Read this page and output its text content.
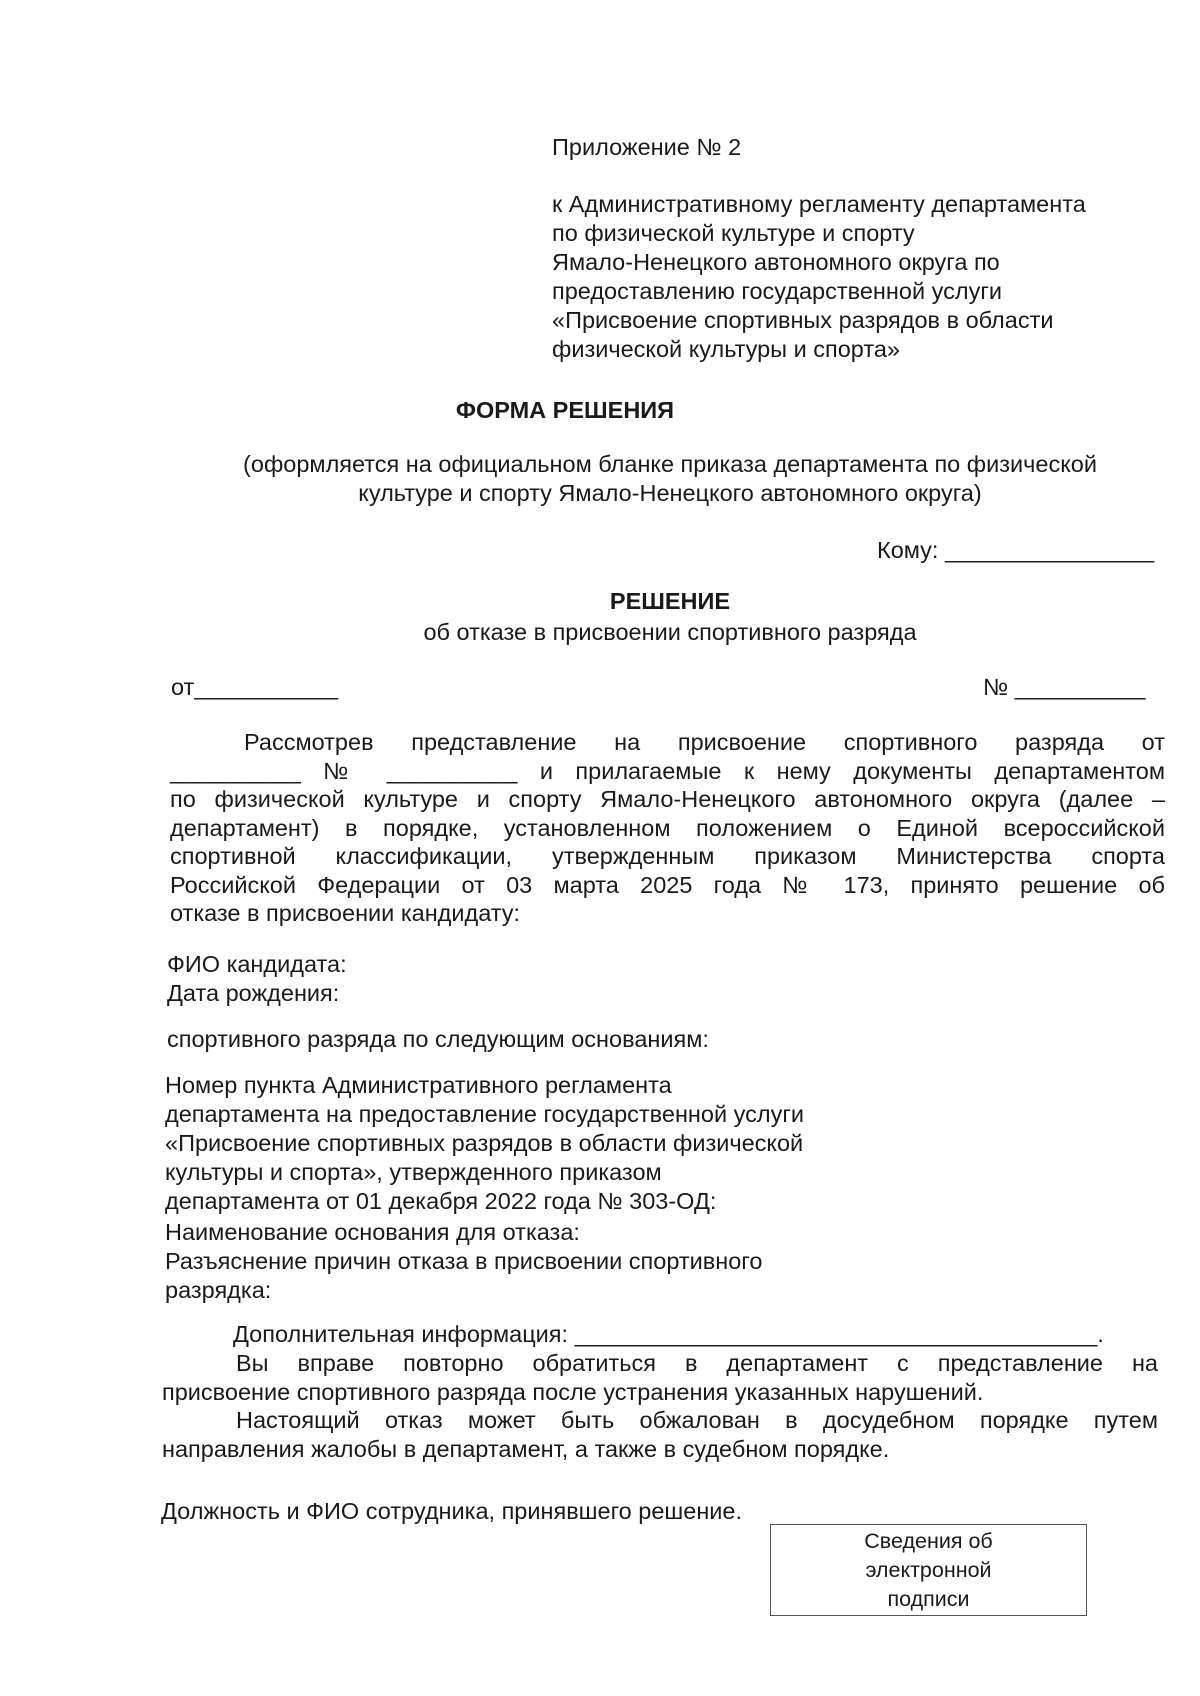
Приложение № 2
к Административному регламенту департамента
по физической культуре и спорту
Ямало-Ненецкого автономного округа по
предоставлению государственной услуги
«Присвоение спортивных разрядов в области
физической культуры и спорта»
ФОРМА РЕШЕНИЯ
(оформляется на официальном бланке приказа департамента по физической
культуре и спорту Ямало-Ненецкого автономного округа)
Кому: ________________
РЕШЕНИЕ
об отказе в присвоении спортивного разряда
от___________	№ __________
Рассмотрев представление на присвоение спортивного разряда от
__________ № __________ и прилагаемые к нему документы департаментом
по физической культуре и спорту Ямало-Ненецкого автономного округа (далее –
департамент) в порядке, установленном положением о Единой всероссийской
спортивной классификации, утвержденным приказом Министерства спорта
Российской Федерации от 03 марта 2025 года № 173, принято решение об
отказе в присвоении кандидату:
ФИО кандидата:
Дата рождения:
спортивного разряда по следующим основаниям:
Номер пункта Административного регламента
департамента на предоставление государственной услуги
«Присвоение спортивных разрядов в области физической
культуры и спорта», утвержденного приказом
департамента от 01 декабря 2022 года № 303-ОД:
Наименование основания для отказа:
Разъяснение причин отказа в присвоении спортивного
разрядка:
Дополнительная информация: ________________________________________.
Вы вправе повторно обратиться в департамент с представление на
присвоение спортивного разряда после устранения указанных нарушений.
Настоящий отказ может быть обжалован в досудебном порядке путем
направления жалобы в департамент, а также в судебном порядке.
Должность и ФИО сотрудника, принявшего решение.
Сведения об
электронной
подписи
